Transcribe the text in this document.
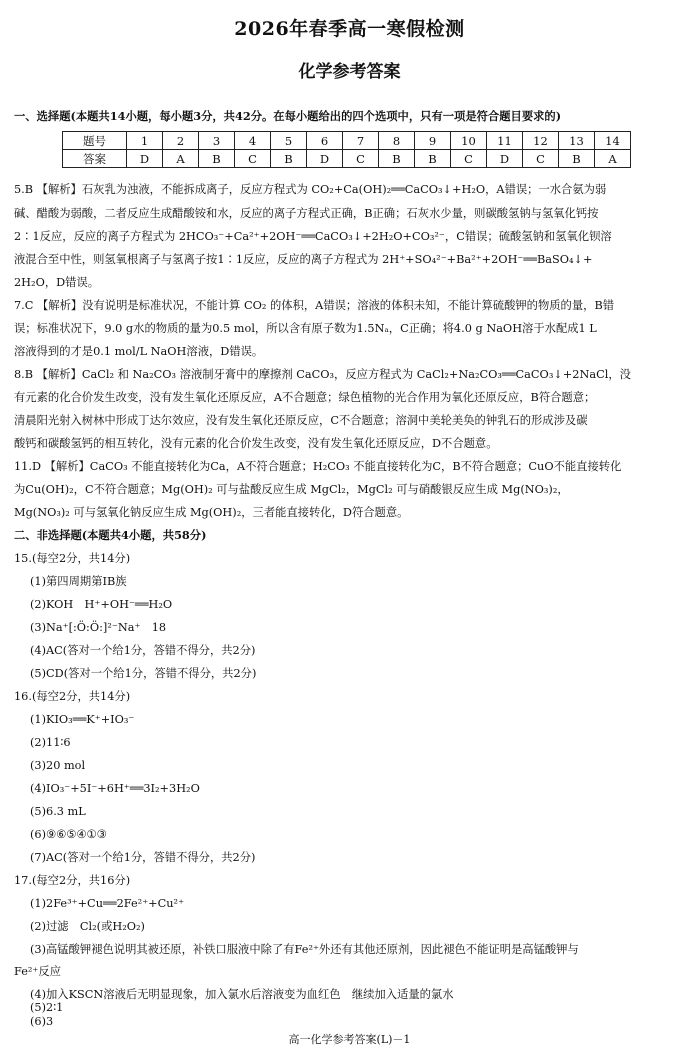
2026年春季高一寒假检测
化学参考答案
一、选择题(本题共14小题，每小题3分，共42分。在每小题给出的四个选项中，只有一项是符合题目要求的)
题号	1	2	3	4	5	6	7	8	9	10	11	12	13	14
答案	D	A	B	C	B	D	C	B	B	C	D	C	B	A
5.B 【解析】石灰乳为浊液，不能拆成离子，反应方程式为 CO₂+Ca(OH)₂══CaCO₃↓+H₂O，A错误；一水合氨为弱
碱、醋酸为弱酸，二者反应生成醋酸铵和水，反应的离子方程式正确，B正确；石灰水少量，则碳酸氢钠与氢氧化钙按
2∶1反应，反应的离子方程式为 2HCO₃⁻+Ca²⁺+2OH⁻══CaCO₃↓+2H₂O+CO₃²⁻，C错误；硫酸氢钠和氢氧化钡溶
液混合至中性，则氢氧根离子与氢离子按1∶1反应，反应的离子方程式为 2H⁺+SO₄²⁻+Ba²⁺+2OH⁻══BaSO₄↓+
2H₂O，D错误。
7.C 【解析】没有说明是标准状况，不能计算 CO₂ 的体积，A错误；溶液的体积未知，不能计算硫酸钾的物质的量，B错
误；标准状况下，9.0 g水的物质的量为0.5 mol，所以含有原子数为1.5Nₐ，C正确；将4.0 g NaOH溶于水配成1 L
溶液得到的才是0.1 mol/L NaOH溶液，D错误。
8.B 【解析】CaCl₂ 和 Na₂CO₃ 溶液制牙膏中的摩擦剂 CaCO₃，反应方程式为 CaCl₂+Na₂CO₃══CaCO₃↓+2NaCl，没
有元素的化合价发生改变，没有发生氧化还原反应，A不合题意；绿色植物的光合作用为氧化还原反应，B符合题意；
清晨阳光射入树林中形成丁达尔效应，没有发生氧化还原反应，C不合题意；溶洞中美轮美奂的钟乳石的形成涉及碳
酸钙和碳酸氢钙的相互转化，没有元素的化合价发生改变，没有发生氧化还原反应，D不合题意。
11.D 【解析】CaCO₃ 不能直接转化为Ca，A不符合题意；H₂CO₃ 不能直接转化为C，B不符合题意；CuO不能直接转化
为Cu(OH)₂，C不符合题意；Mg(OH)₂ 可与盐酸反应生成 MgCl₂，MgCl₂ 可与硝酸银反应生成 Mg(NO₃)₂，
Mg(NO₃)₂ 可与氢氧化钠反应生成 Mg(OH)₂，三者能直接转化，D符合题意。
二、非选择题(本题共4小题，共58分)
15.(每空2分，共14分)
(1)第四周期第ⅠB族
(2)KOH　H⁺+OH⁻══H₂O
(3)Na⁺[:Ö:Ö:]²⁻Na⁺　18
(4)AC(答对一个给1分，答错不得分，共2分)
(5)CD(答对一个给1分，答错不得分，共2分)
16.(每空2分，共14分)
(1)KIO₃══K⁺+IO₃⁻
(2)11∶6
(3)20 mol
(4)IO₃⁻+5I⁻+6H⁺══3I₂+3H₂O
(5)6.3 mL
(6)⑨⑥⑤④①③
(7)AC(答对一个给1分，答错不得分，共2分)
17.(每空2分，共16分)
(1)2Fe³⁺+Cu══2Fe²⁺+Cu²⁺
(2)过滤　Cl₂(或H₂O₂)
(3)高锰酸钾褪色说明其被还原，补铁口服液中除了有Fe²⁺外还有其他还原剂，因此褪色不能证明是高锰酸钾与
Fe²⁺反应
(4)加入KSCN溶液后无明显现象，加入氯水后溶液变为血红色　继续加入适量的氯水
(5)2∶1
(6)3
高一化学参考答案(L)－1
